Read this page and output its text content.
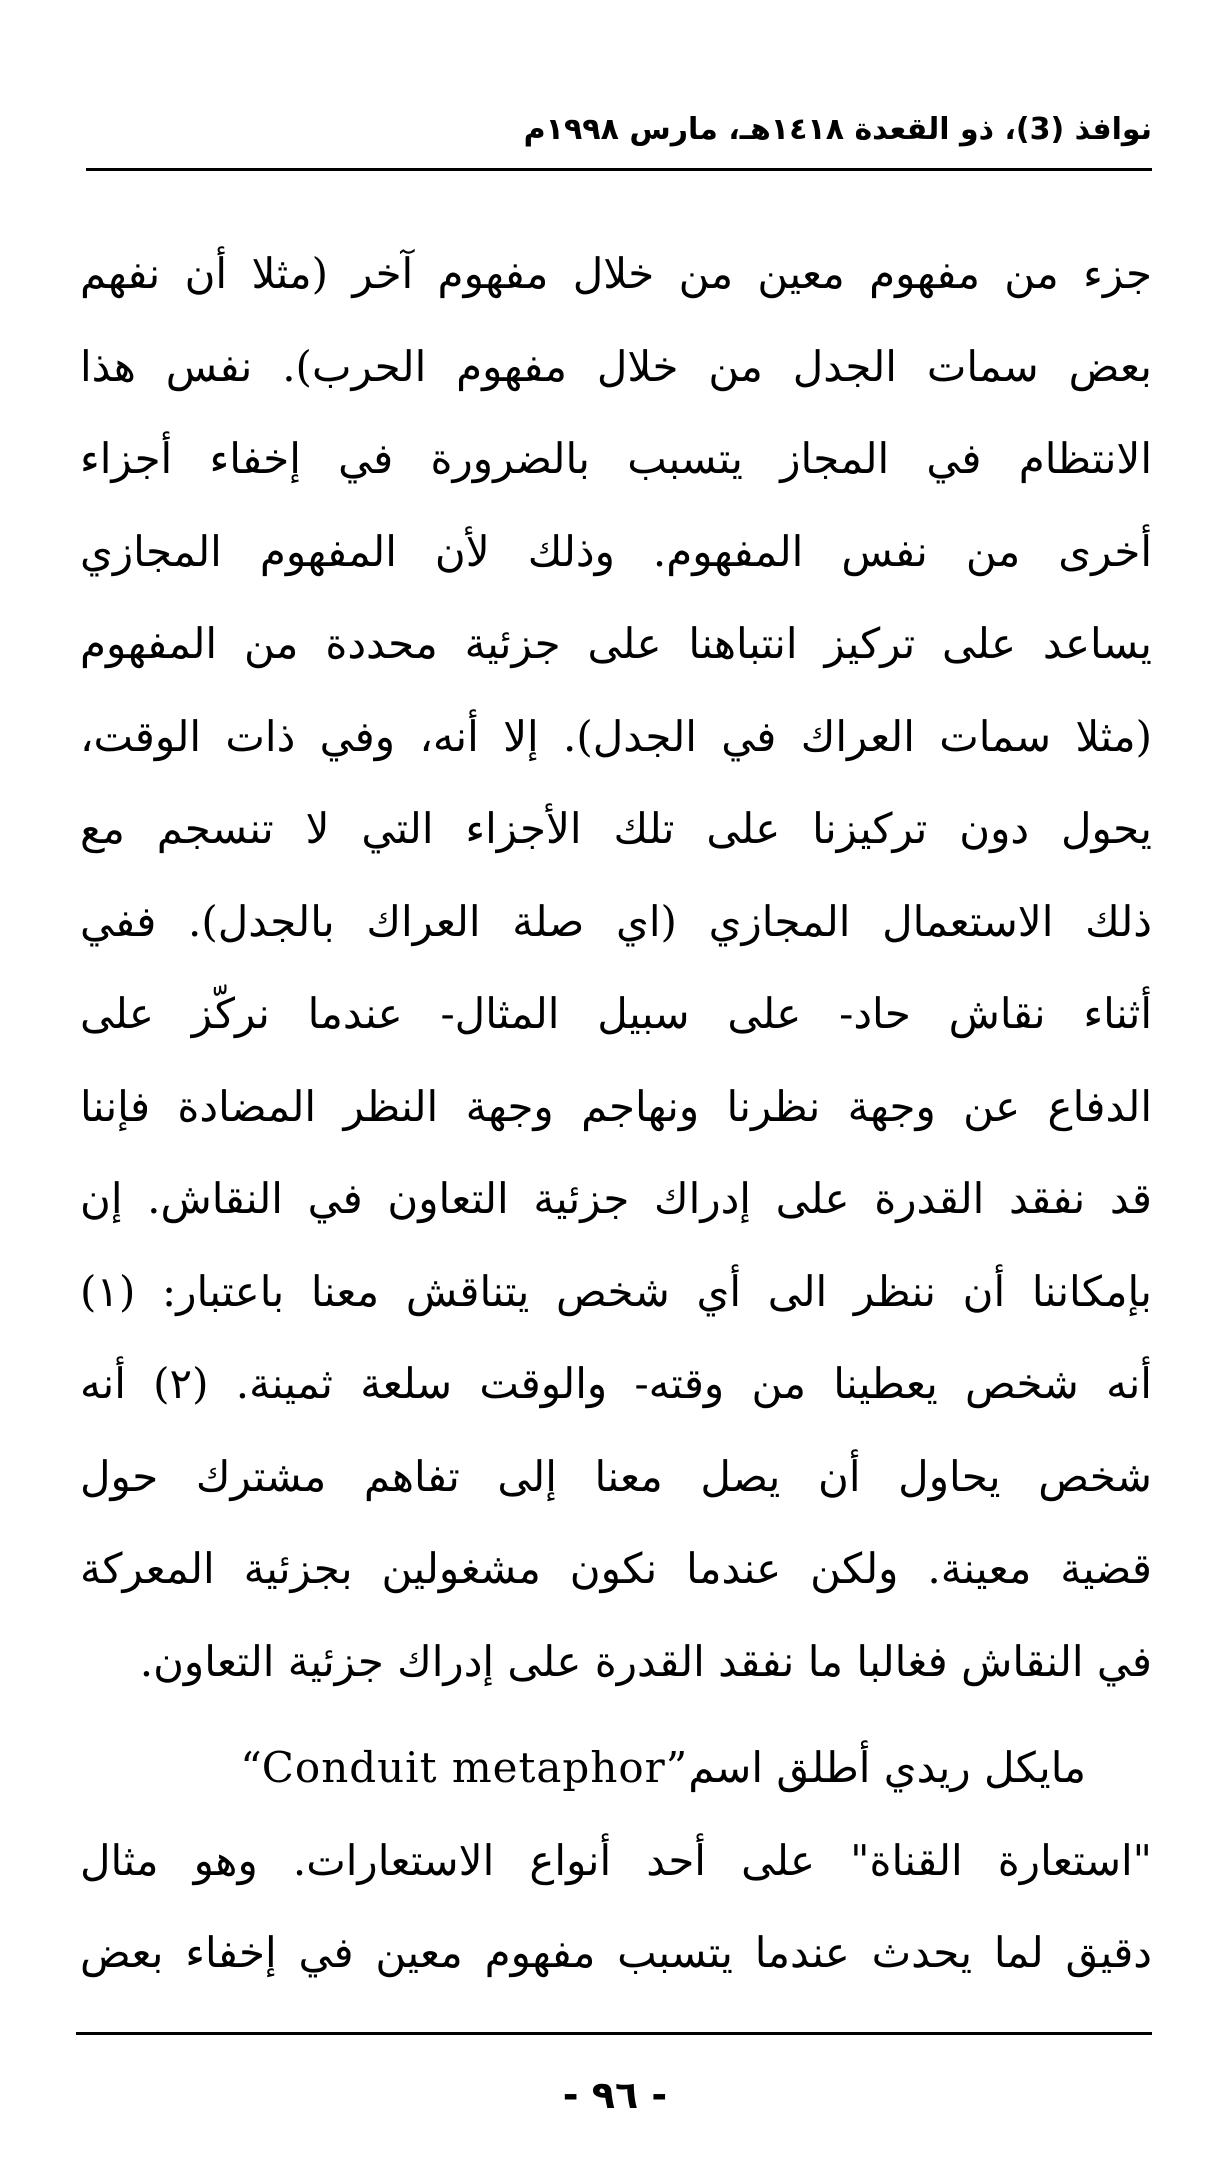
نوافذ (3)، ذو القعدة ١٤١٨هـ، مارس ١٩٩٨م
جزء من مفهوم معين من خلال مفهوم آخر (مثلا أن نفهم
بعض سمات الجدل من خلال مفهوم الحرب). نفس هذا
الانتظام في المجاز يتسبب بالضرورة في إخفاء أجزاء
أخرى من نفس المفهوم. وذلك لأن المفهوم المجازي
يساعد على تركيز انتباهنا على جزئية محددة من المفهوم
(مثلا سمات العراك في الجدل). إلا أنه، وفي ذات الوقت،
يحول دون تركيزنا على تلك الأجزاء التي لا تنسجم مع
ذلك الاستعمال المجازي (اي صلة العراك بالجدل). ففي
أثناء نقاش حاد- على سبيل المثال- عندما نركّز على
الدفاع عن وجهة نظرنا ونهاجم وجهة النظر المضادة فإننا
قد نفقد القدرة على إدراك جزئية التعاون في النقاش. إن
بإمكاننا أن ننظر الى أي شخص يتناقش معنا باعتبار: (١)
أنه شخص يعطينا من وقته- والوقت سلعة ثمينة. (٢) أنه
شخص يحاول أن يصل معنا إلى تفاهم مشترك حول
قضية معينة. ولكن عندما نكون مشغولين بجزئية المعركة
في النقاش فغالبا ما نفقد القدرة على إدراك جزئية التعاون.
مايكل ريدي أطلق اسم“Conduit metaphor”
"استعارة القناة" على أحد أنواع الاستعارات. وهو مثال
دقيق لما يحدث عندما يتسبب مفهوم معين في إخفاء بعض
- ٩٦ -
